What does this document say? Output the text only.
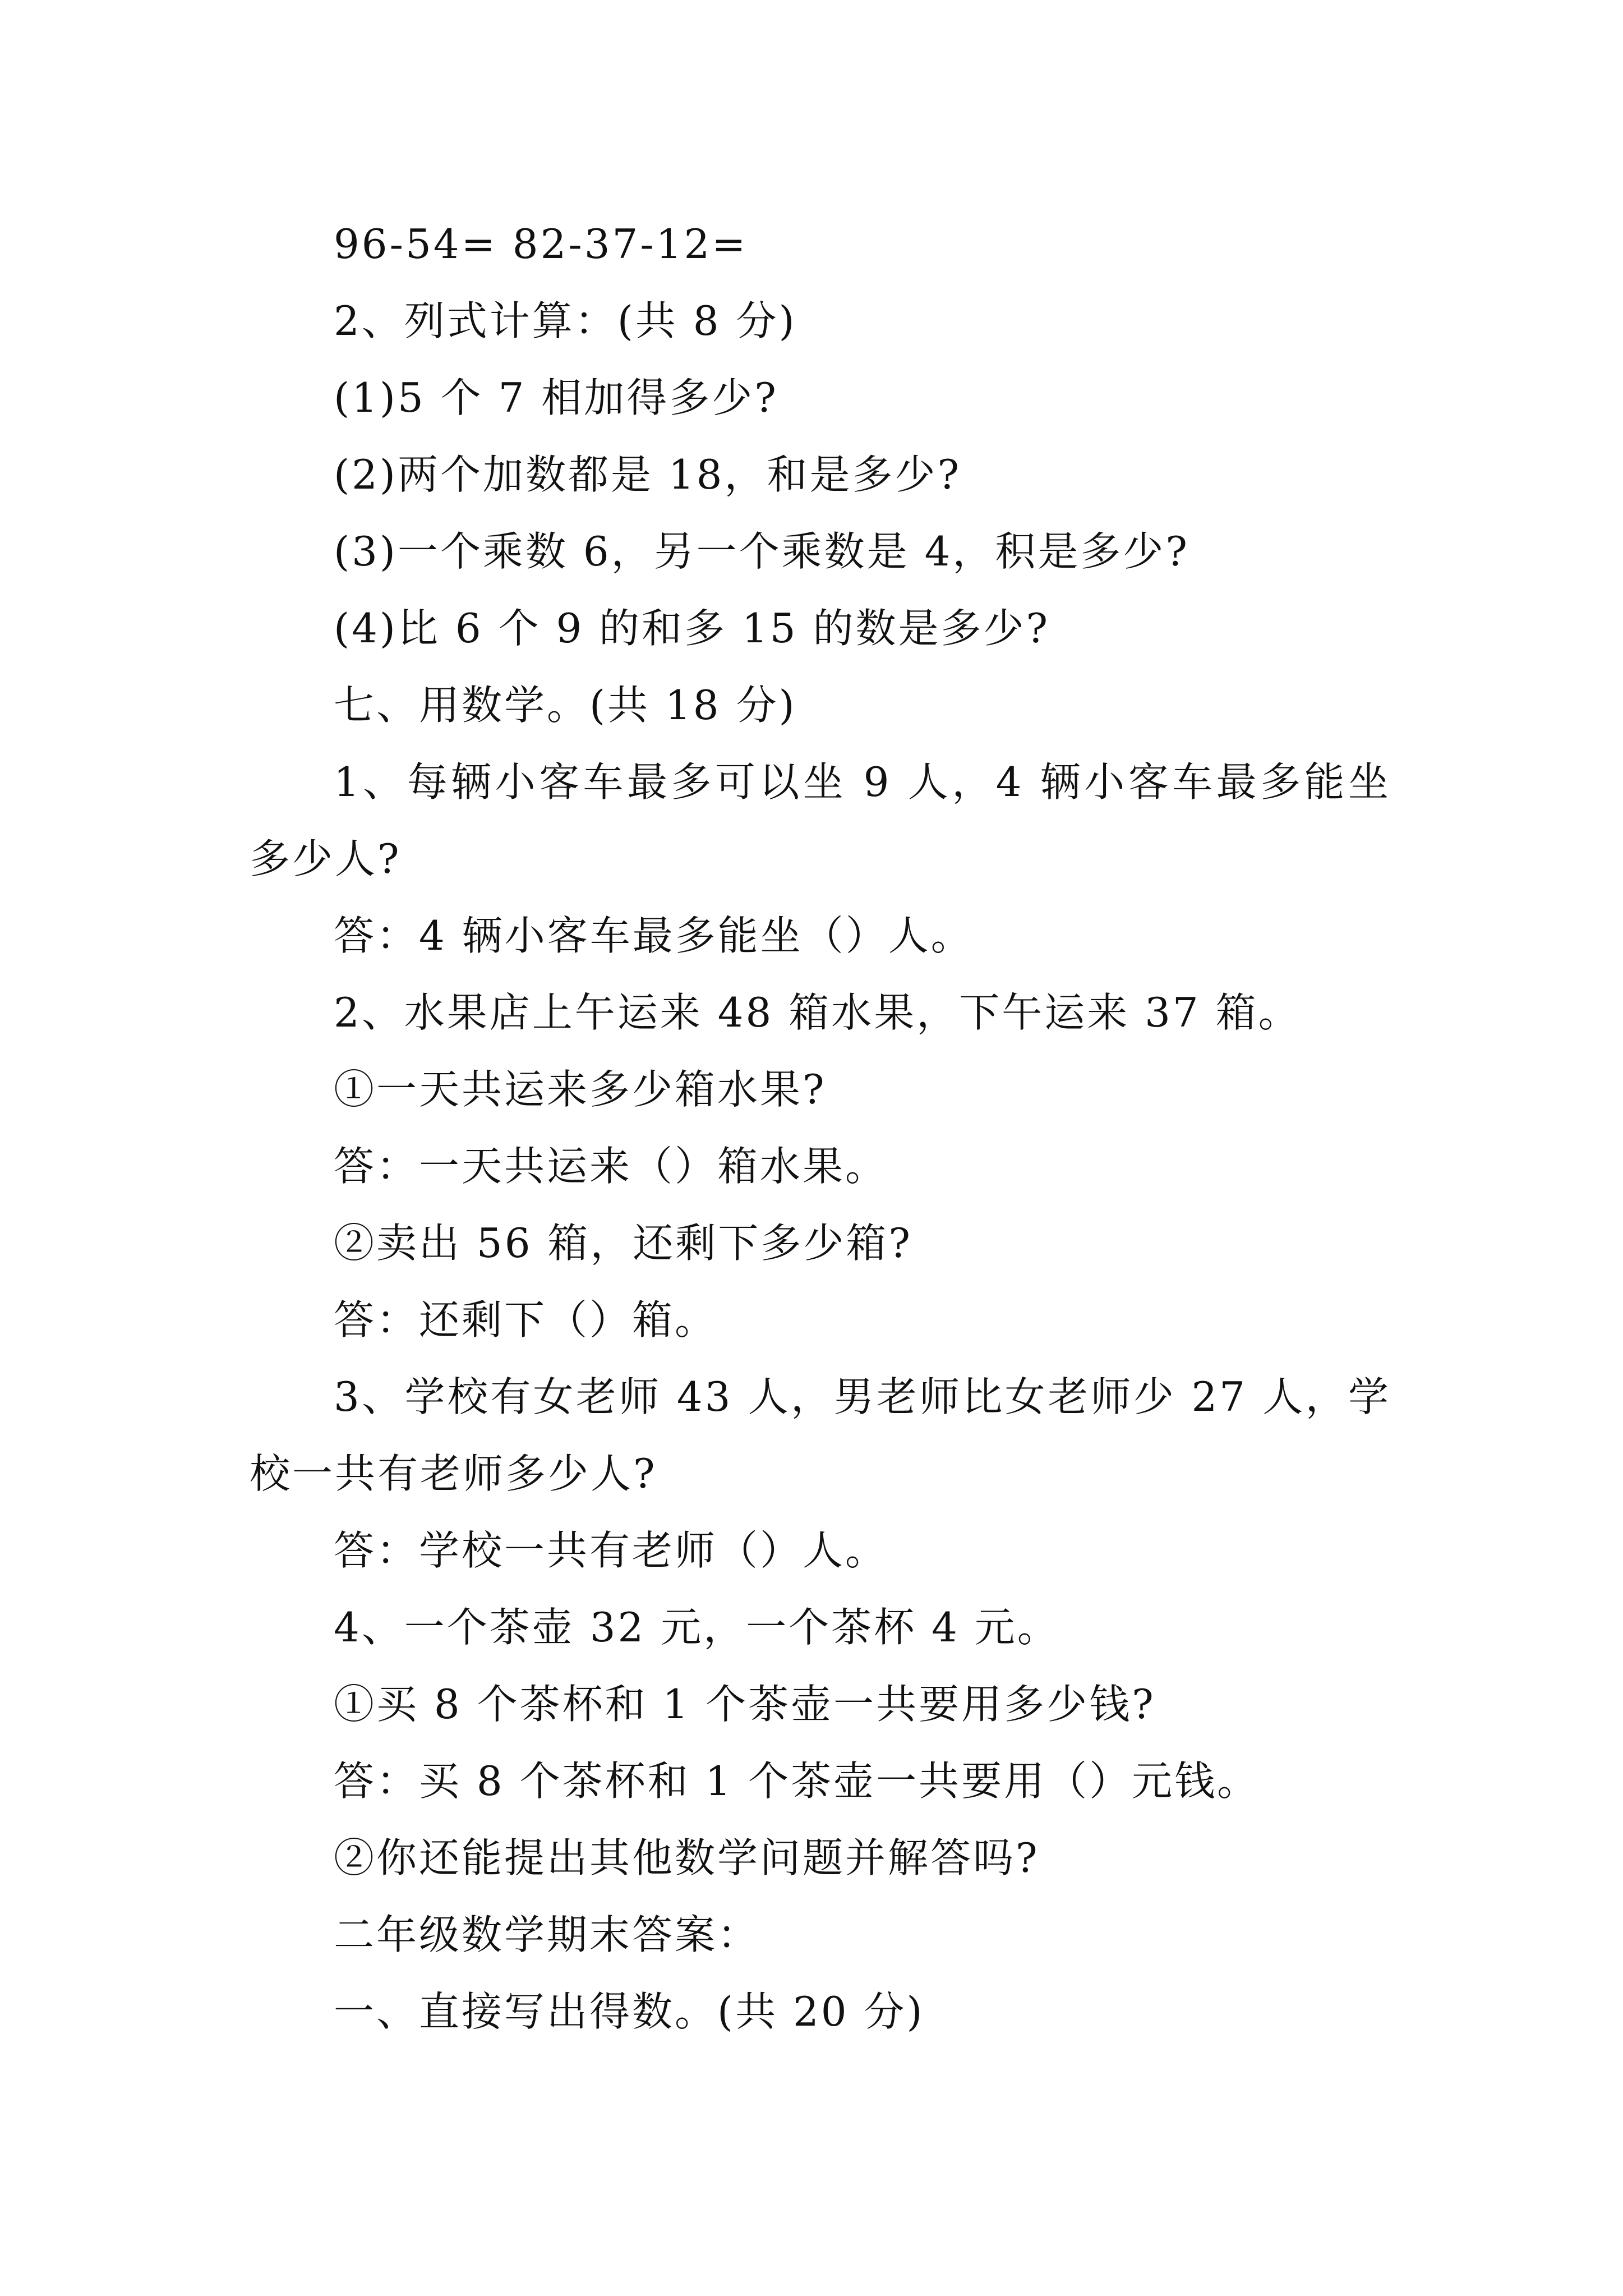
96-54= 82-37-12=
2、列式计算：(共 8 分)
(1)5 个 7 相加得多少?
(2)两个加数都是 18，和是多少?
(3)一个乘数 6，另一个乘数是 4，积是多少?
(4)比 6 个 9 的和多 15 的数是多少?
七、用数学。(共 18 分)
1、每辆小客车最多可以坐 9 人，4 辆小客车最多能坐多少人?
答：4 辆小客车最多能坐（）人。
2、水果店上午运来 48 箱水果，下午运来 37 箱。
①一天共运来多少箱水果?
答：一天共运来（）箱水果。
②卖出 56 箱，还剩下多少箱?
答：还剩下（）箱。
3、学校有女老师 43 人，男老师比女老师少 27 人，学校一共有老师多少人?
答：学校一共有老师（）人。
4、一个茶壶 32 元，一个茶杯 4 元。
①买 8 个茶杯和 1 个茶壶一共要用多少钱?
答：买 8 个茶杯和 1 个茶壶一共要用（）元钱。
②你还能提出其他数学问题并解答吗?
二年级数学期末答案：
一、直接写出得数。(共 20 分)
